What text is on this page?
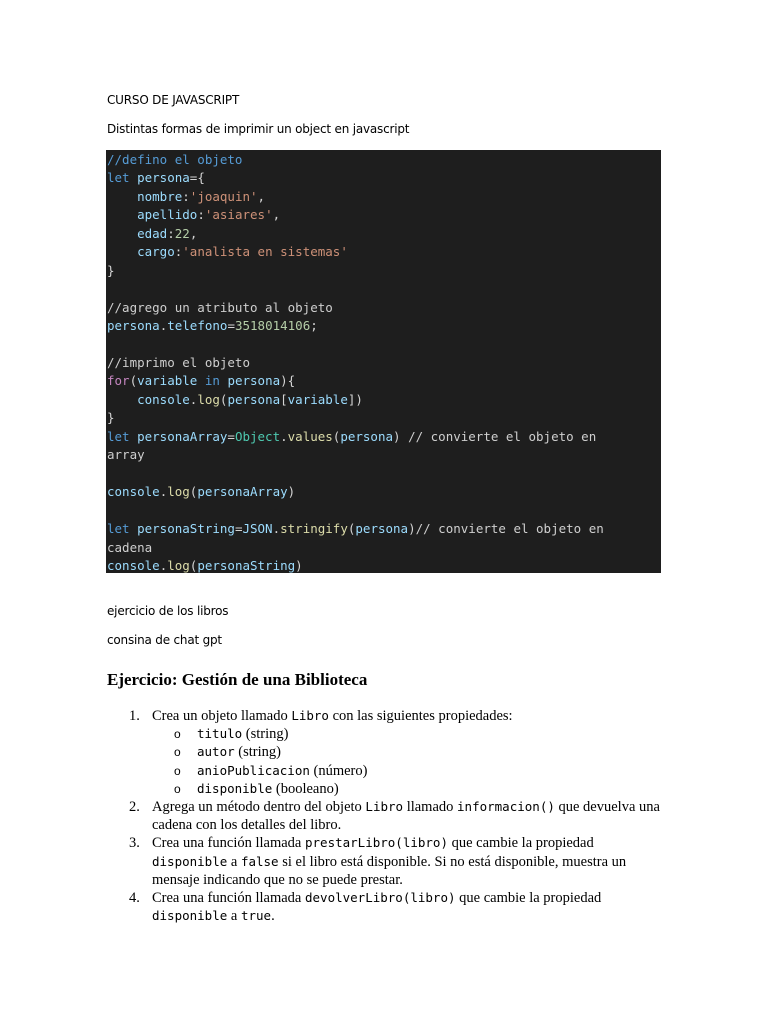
CURSO DE JAVASCRIPT
Distintas formas de imprimir un object en javascript
//defino el objeto
let persona={
nombre:'joaquin',
apellido:'asiares',
edad:22,
cargo:'analista en sistemas'
}

//agrego un atributo al objeto
persona.telefono=3518014106;

//imprimo el objeto
for(variable in persona){
console.log(persona[variable])
}
let personaArray=Object.values(persona) // convierte el objeto en
array

console.log(personaArray)

let personaString=JSON.stringify(persona)// convierte el objeto en
cadena
console.log(personaString)
ejercicio de los libros
consina de chat gpt
Ejercicio: Gestión de una Biblioteca
1. Crea un objeto llamado Libro con las siguientes propiedades:
o titulo (string)
o autor (string)
o anioPublicacion (número)
o disponible (booleano)
2. Agrega un método dentro del objeto Libro llamado informacion() que devuelva una cadena con los detalles del libro.
3. Crea una función llamada prestarLibro(libro) que cambie la propiedad disponible a false si el libro está disponible. Si no está disponible, muestra un mensaje indicando que no se puede prestar.
4. Crea una función llamada devolverLibro(libro) que cambie la propiedad disponible a true.
